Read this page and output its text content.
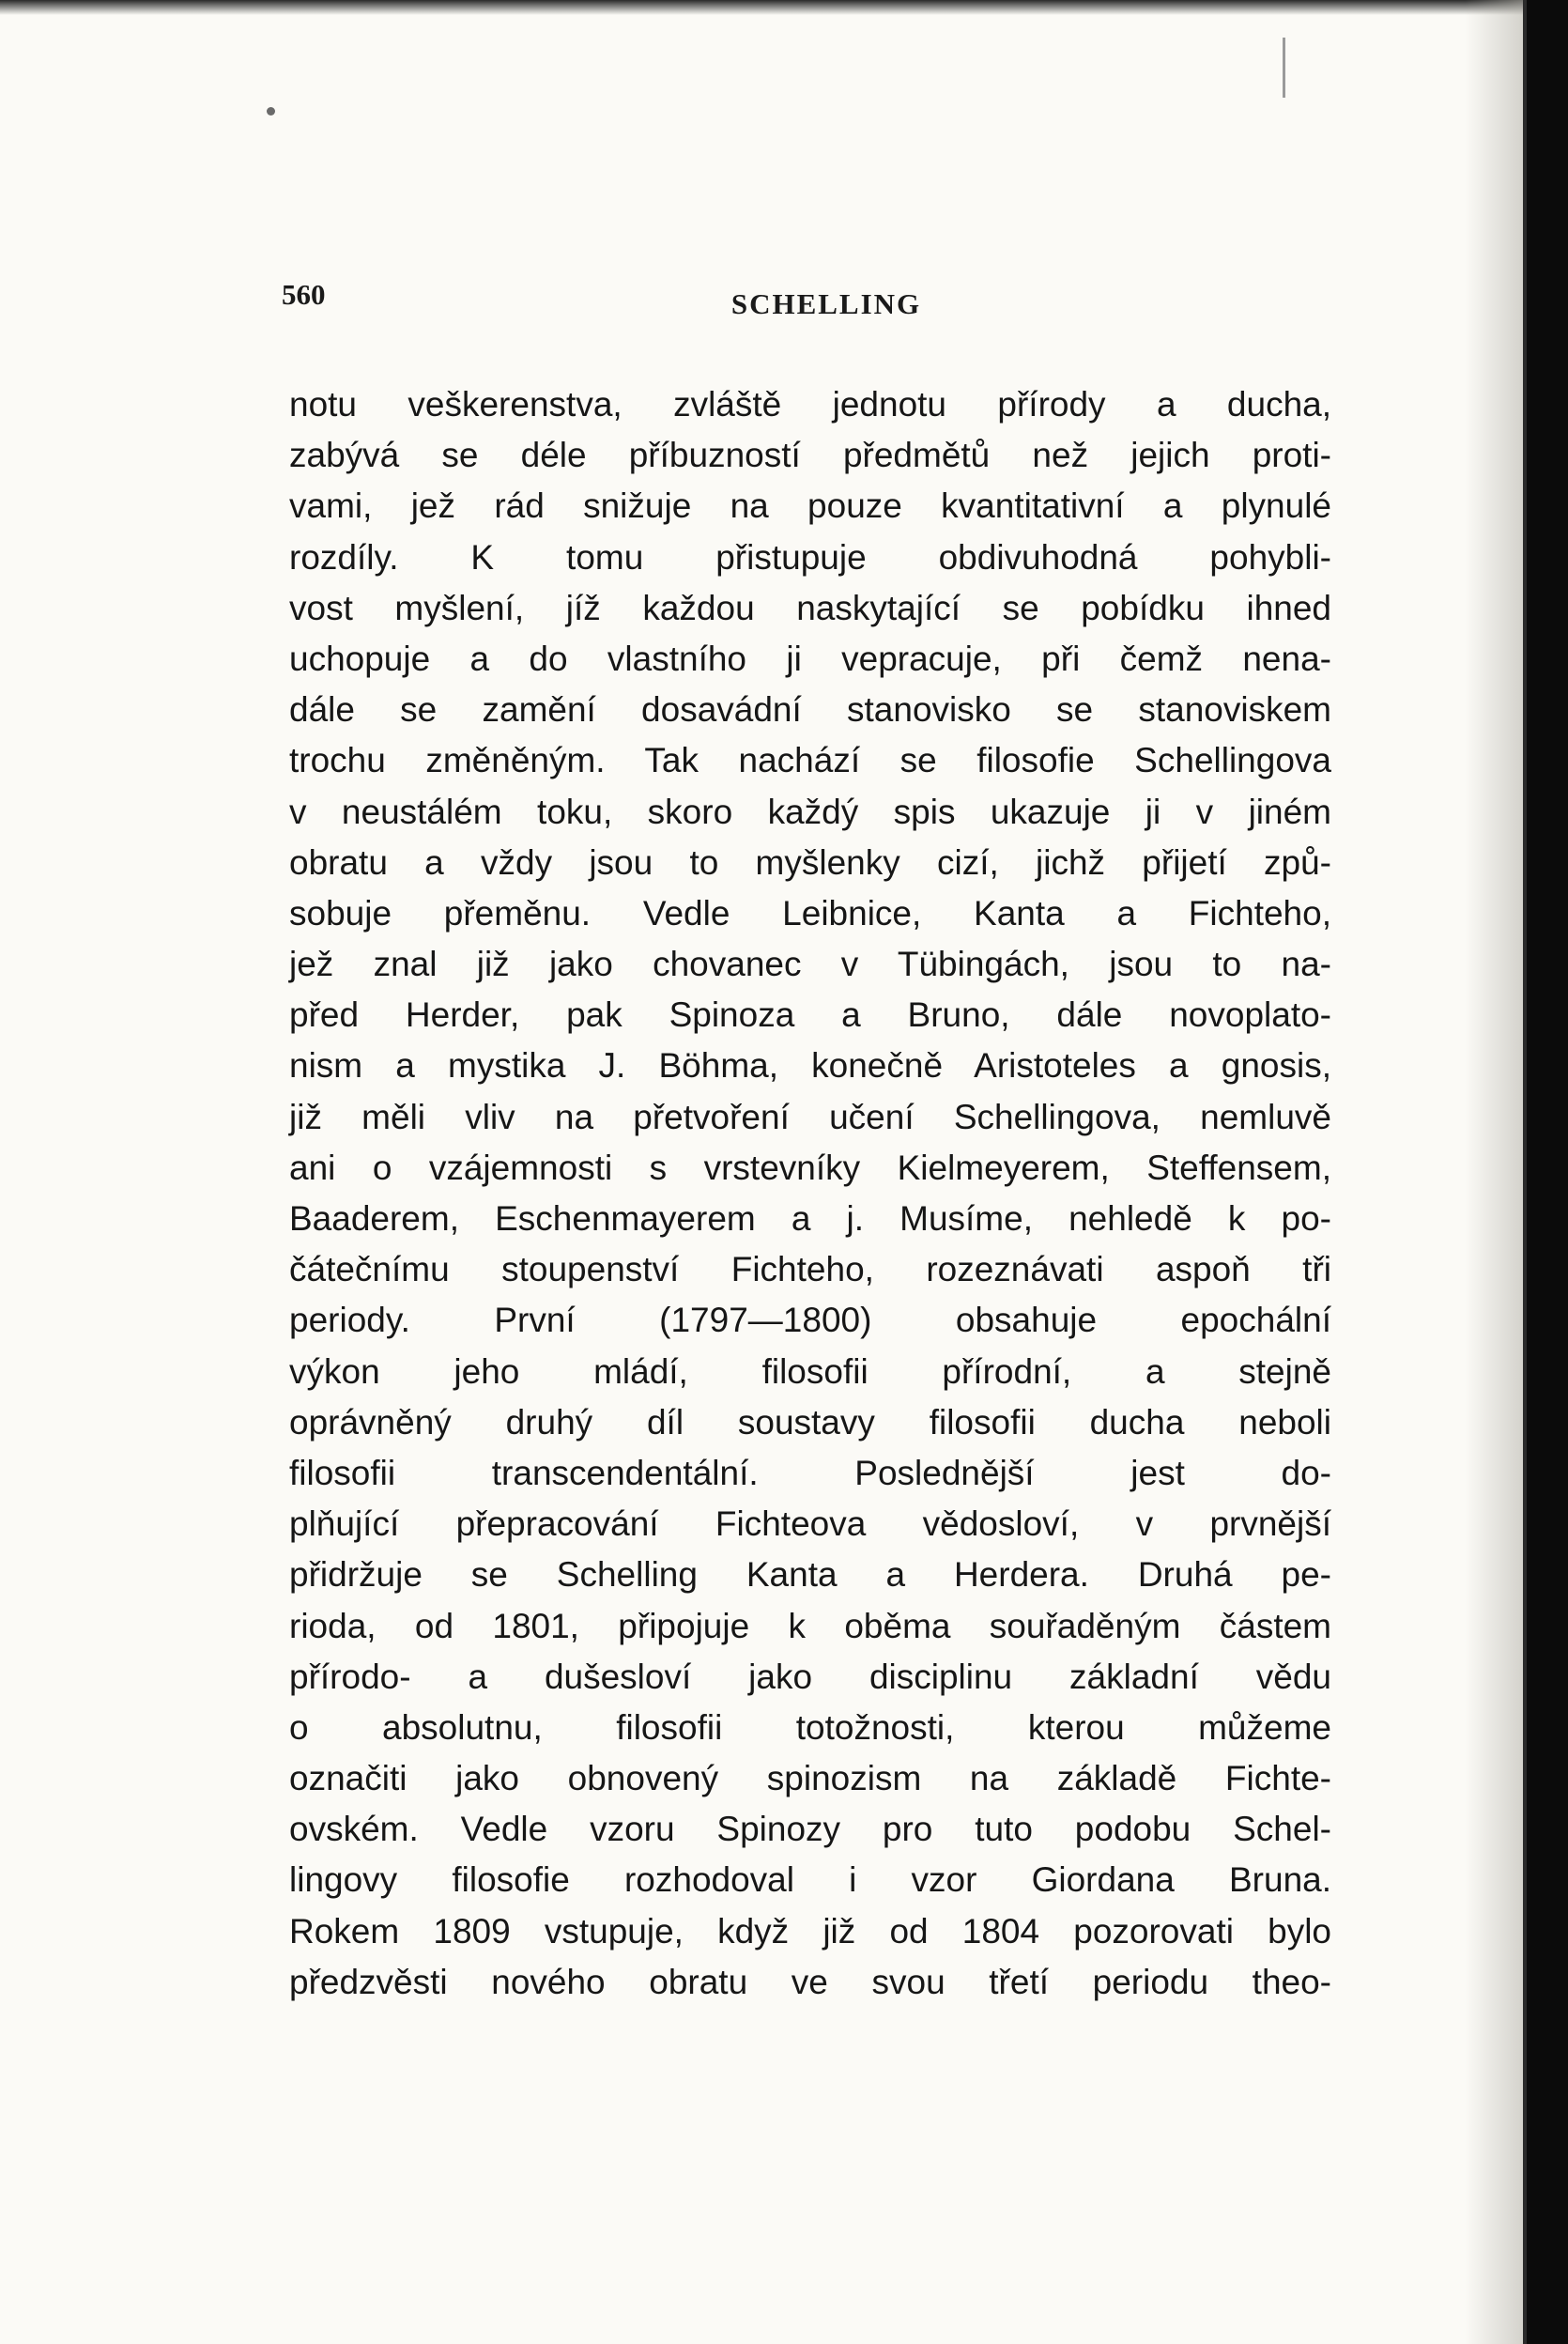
560	SCHELLING
notu veškerenstva, zvláště jednotu přírody a ducha,
zabývá se déle příbuzností předmětů než jejich proti-
vami, jež rád snižuje na pouze kvantitativní a plynulé
rozdíly. K tomu přistupuje obdivuhodná pohybli-
vost myšlení, jíž každou naskytající se pobídku ihned
uchopuje a do vlastního ji vepracuje, při čemž nena-
dále se zamění dosavádní stanovisko se stanoviskem
trochu změněným. Tak nachází se filosofie Schellingova
v neustálém toku, skoro každý spis ukazuje ji v jiném
obratu a vždy jsou to myšlenky cizí, jichž přijetí způ-
sobuje přeměnu. Vedle Leibnice, Kanta a Fichteho,
jež znal již jako chovanec v Tübingách, jsou to na-
před Herder, pak Spinoza a Bruno, dále novoplato-
nism a mystika J. Böhma, konečně Aristoteles a gnosis,
již měli vliv na přetvoření učení Schellingova, nemluvě
ani o vzájemnosti s vrstevníky Kielmeyerem, Steffensem,
Baaderem, Eschenmayerem a j. Musíme, nehledě k po-
čátečnímu stoupenství Fichteho, rozeznávati aspoň tři
periody. První (1797—1800) obsahuje epochální
výkon jeho mládí, filosofii přírodní, a stejně
oprávněný druhý díl soustavy filosofii ducha neboli
filosofii transcendentální. Poslednější jest do-
plňující přepracování Fichteova vědosloví, v prvnější
přidržuje se Schelling Kanta a Herdera. Druhá pe-
rioda, od 1801, připojuje k oběma souřaděným částem
přírodo- a dušesloví jako disciplinu základní vědu
o absolutnu, filosofii totožnosti, kterou můžeme
označiti jako obnovený spinozism na základě Fichte-
ovském. Vedle vzoru Spinozy pro tuto podobu Schel-
lingovy filosofie rozhodoval i vzor Giordana Bruna.
Rokem 1809 vstupuje, když již od 1804 pozorovati bylo
předzvěsti nového obratu ve svou třetí periodu theo-
